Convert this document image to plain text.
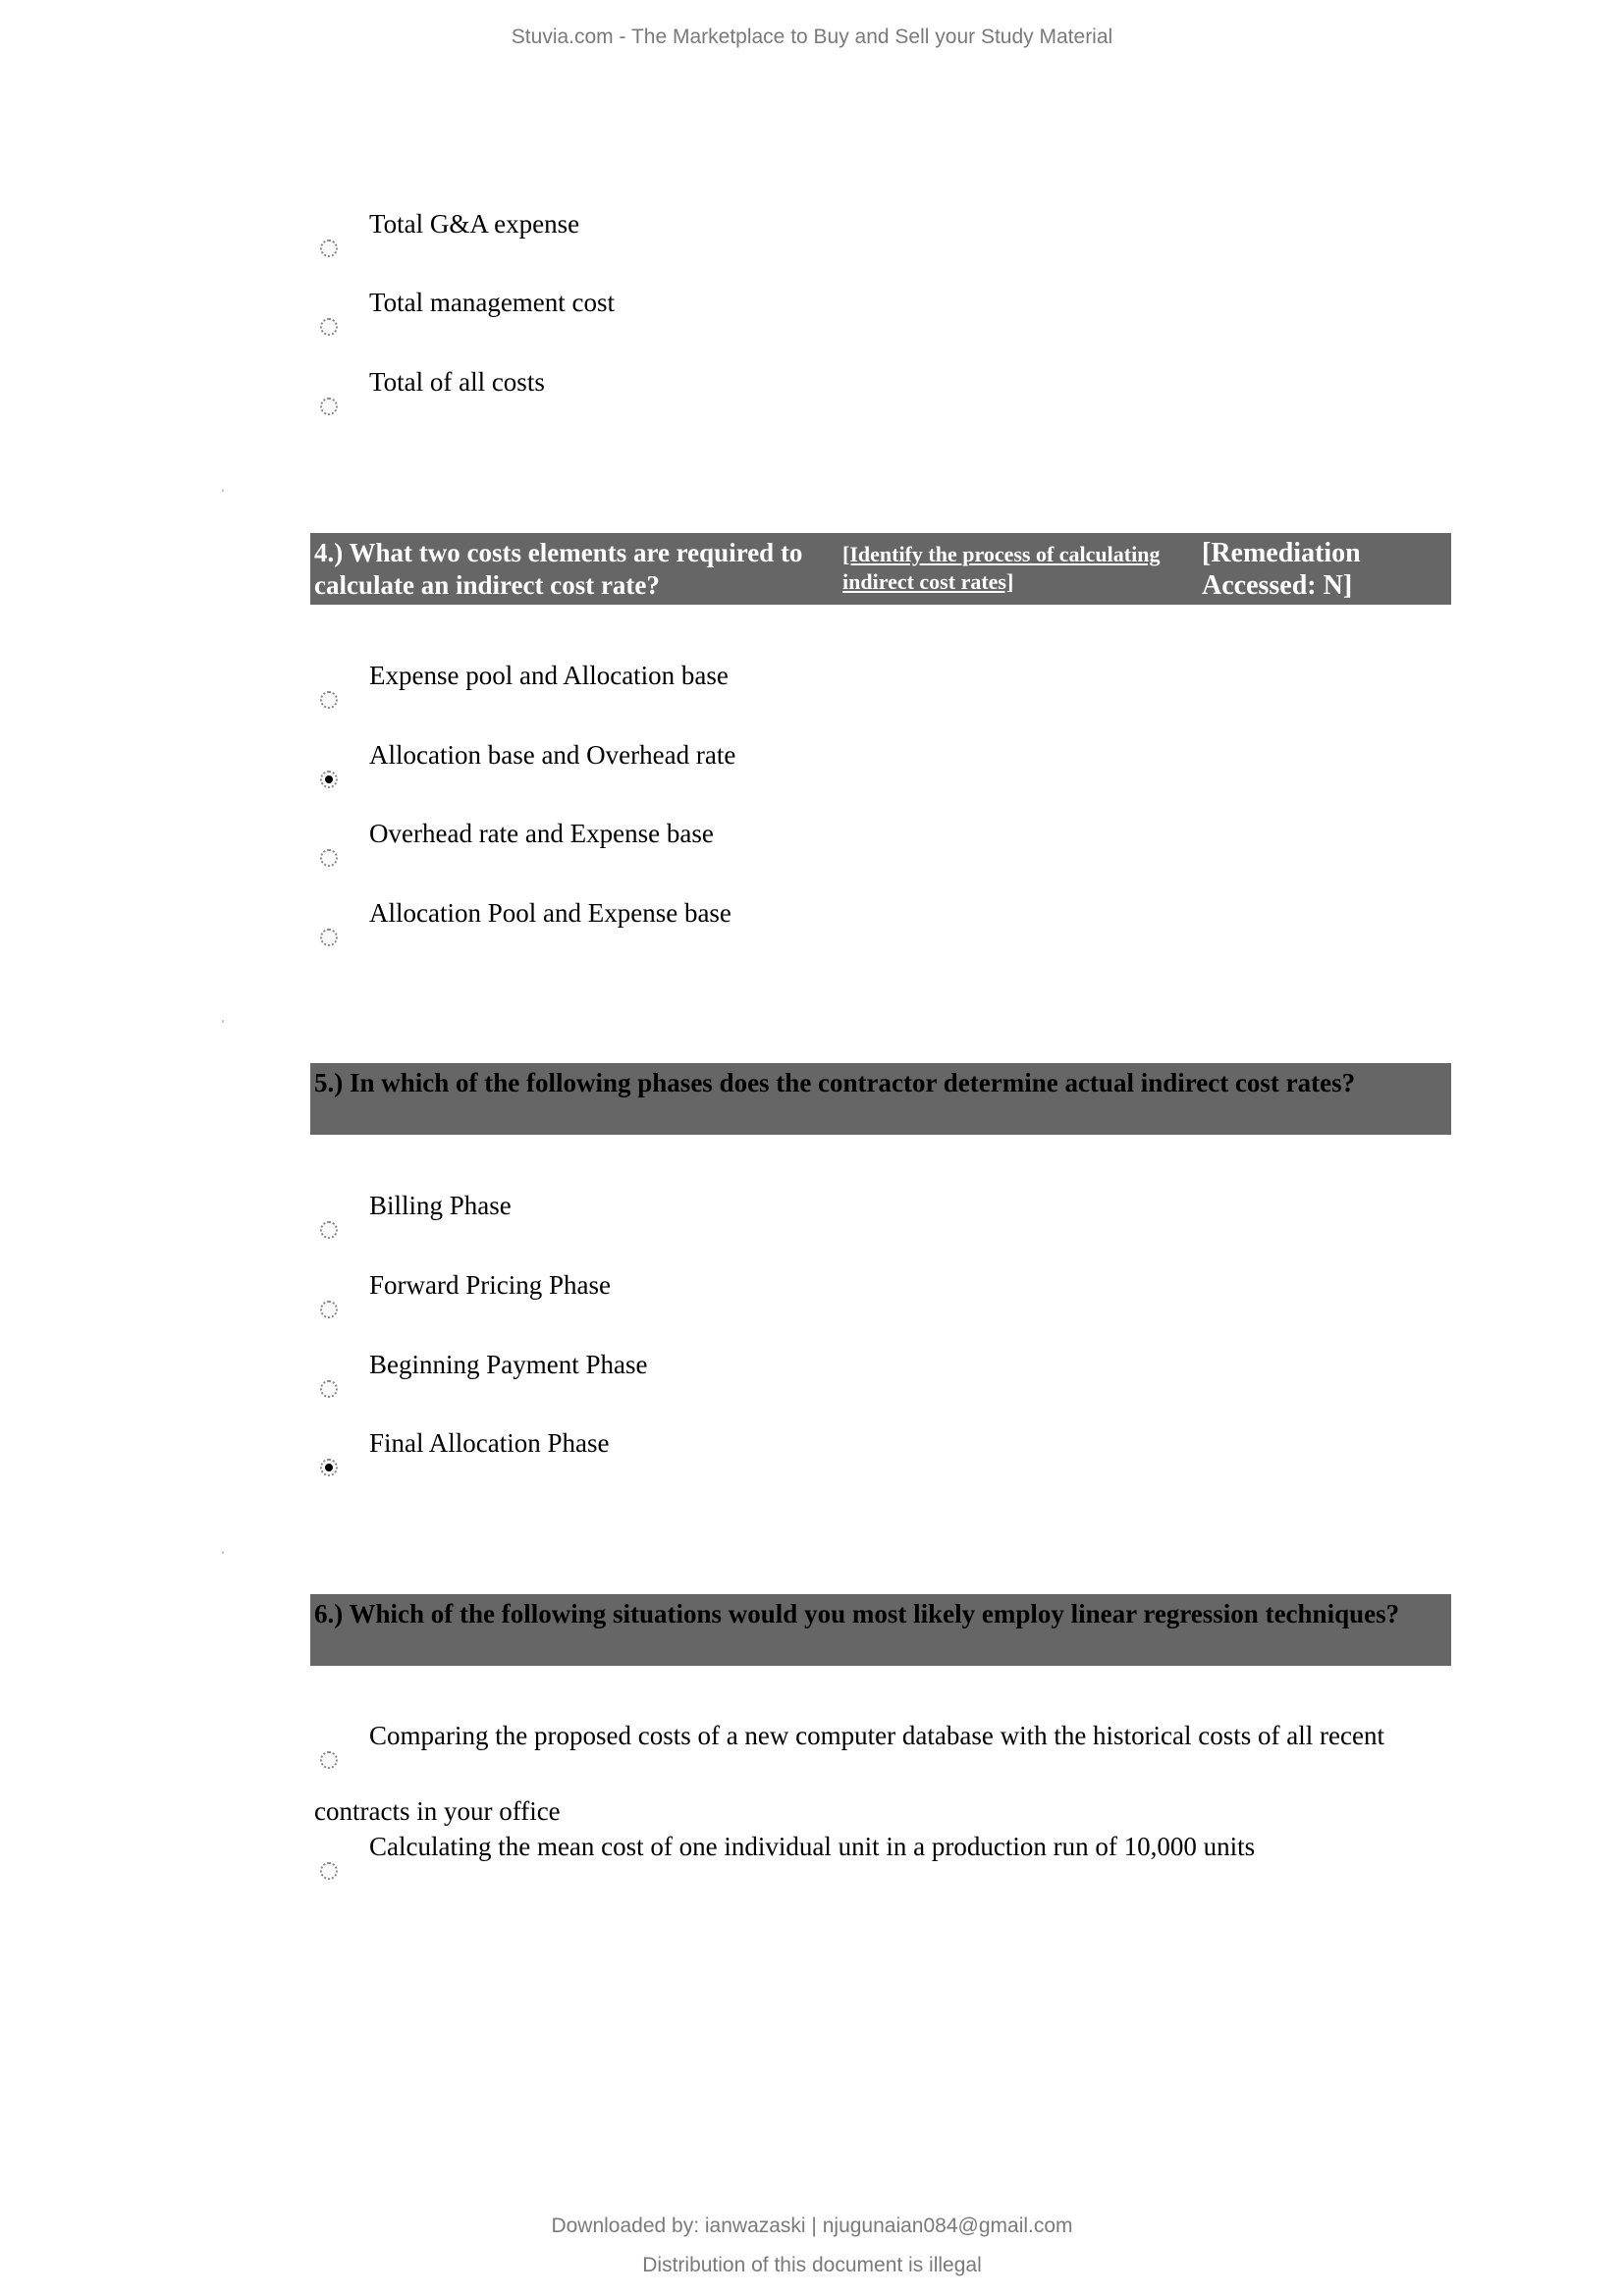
Stuvia.com - The Marketplace to Buy and Sell your Study Material
Total G&A expense
Total management cost
Total of all costs
4.) What two costs elements are required to calculate an indirect cost rate?
[Identify the process of calculating indirect cost rates]
[Remediation Accessed: N]
Expense pool and Allocation base
Allocation base and Overhead rate
Overhead rate and Expense base
Allocation Pool and Expense base
5.) In which of the following phases does the contractor determine actual indirect cost rates?
Billing Phase
Forward Pricing Phase
Beginning Payment Phase
Final Allocation Phase
6.) Which of the following situations would you most likely employ linear regression techniques?
Comparing the proposed costs of a new computer database with the historical costs of all recent
contracts in your office
Calculating the mean cost of one individual unit in a production run of 10,000 units
Downloaded by: ianwazaski | njugunaian084@gmail.com
Distribution of this document is illegal
